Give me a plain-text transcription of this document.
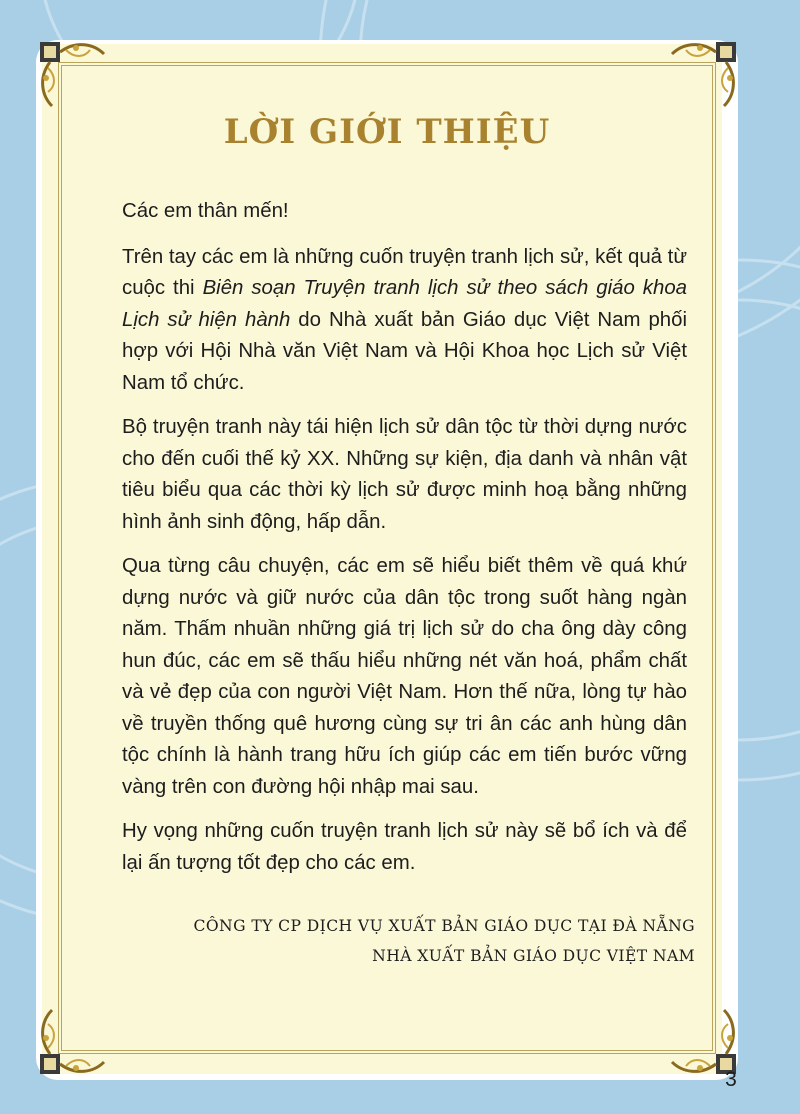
LỜI GIỚI THIỆU

Các em thân mến!

Trên tay các em là những cuốn truyện tranh lịch sử, kết quả từ cuộc thi Biên soạn Truyện tranh lịch sử theo sách giáo khoa Lịch sử hiện hành do Nhà xuất bản Giáo dục Việt Nam phối hợp với Hội Nhà văn Việt Nam và Hội Khoa học Lịch sử Việt Nam tổ chức.

Bộ truyện tranh này tái hiện lịch sử dân tộc từ thời dựng nước cho đến cuối thế kỷ XX. Những sự kiện, địa danh và nhân vật tiêu biểu qua các thời kỳ lịch sử được minh hoạ bằng những hình ảnh sinh động, hấp dẫn.

Qua từng câu chuyện, các em sẽ hiểu biết thêm về quá khứ dựng nước và giữ nước của dân tộc trong suốt hàng ngàn năm. Thấm nhuần những giá trị lịch sử do cha ông dày công hun đúc, các em sẽ thấu hiểu những nét văn hoá, phẩm chất và vẻ đẹp của con người Việt Nam. Hơn thế nữa, lòng tự hào về truyền thống quê hương cùng sự tri ân các anh hùng dân tộc chính là hành trang hữu ích giúp các em tiến bước vững vàng trên con đường hội nhập mai sau.

Hy vọng những cuốn truyện tranh lịch sử này sẽ bổ ích và để lại ấn tượng tốt đẹp cho các em.

CÔNG TY CP DỊCH VỤ XUẤT BẢN GIÁO DỤC TẠI ĐÀ NẴNG
NHÀ XUẤT BẢN GIÁO DỤC VIỆT NAM
3
